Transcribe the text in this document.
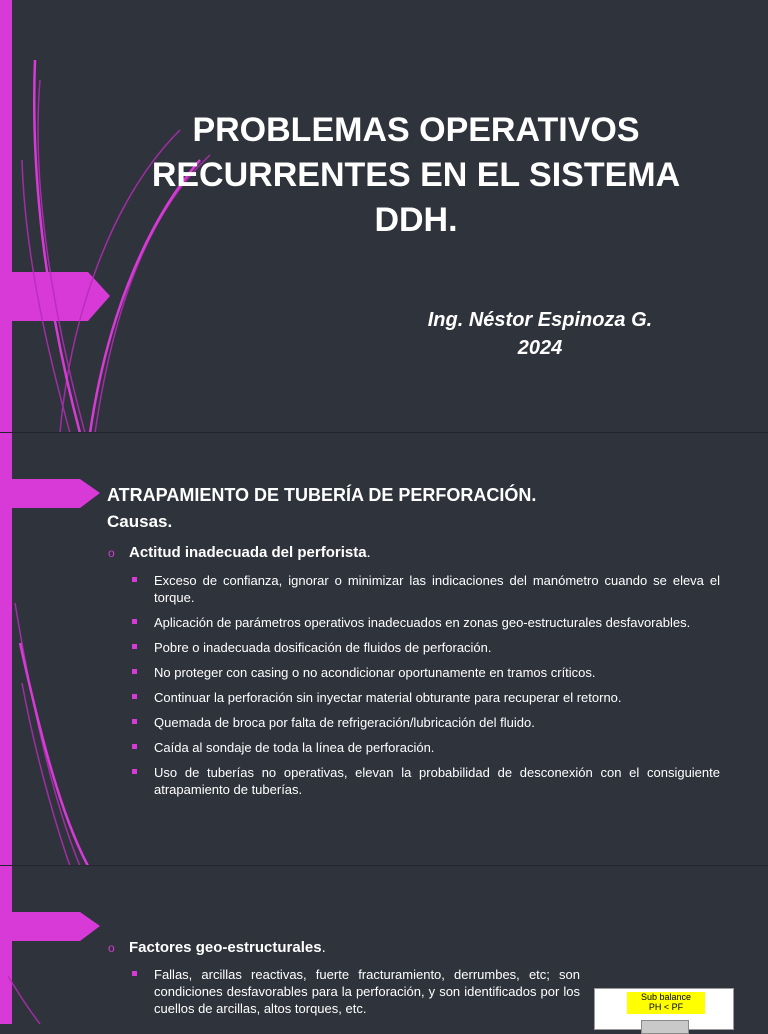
PROBLEMAS OPERATIVOS RECURRENTES EN EL SISTEMA DDH.
Ing. Néstor Espinoza G.
2024
ATRAPAMIENTO DE TUBERÍA DE PERFORACIÓN.
Causas.
o Actitud inadecuada del perforista.
Exceso de confianza, ignorar o minimizar las indicaciones del manómetro cuando se eleva el torque.
Aplicación de parámetros operativos inadecuados en zonas geo-estructurales desfavorables.
Pobre o inadecuada dosificación de fluidos de perforación.
No proteger con casing o no acondicionar oportunamente en tramos críticos.
Continuar la perforación sin inyectar material obturante para recuperar el retorno.
Quemada de broca por falta de refrigeración/lubricación del fluido.
Caída al sondaje de toda la línea de perforación.
Uso de tuberías no operativas, elevan la probabilidad de desconexión con el consiguiente atrapamiento de tuberías.
o Factores geo-estructurales.
Fallas, arcillas reactivas, fuerte fracturamiento, derrumbes, etc; son condiciones desfavorables para la perforación, y son identificados por los cuellos de arcillas, altos torques, etc.
Sub balance
PH < PF
